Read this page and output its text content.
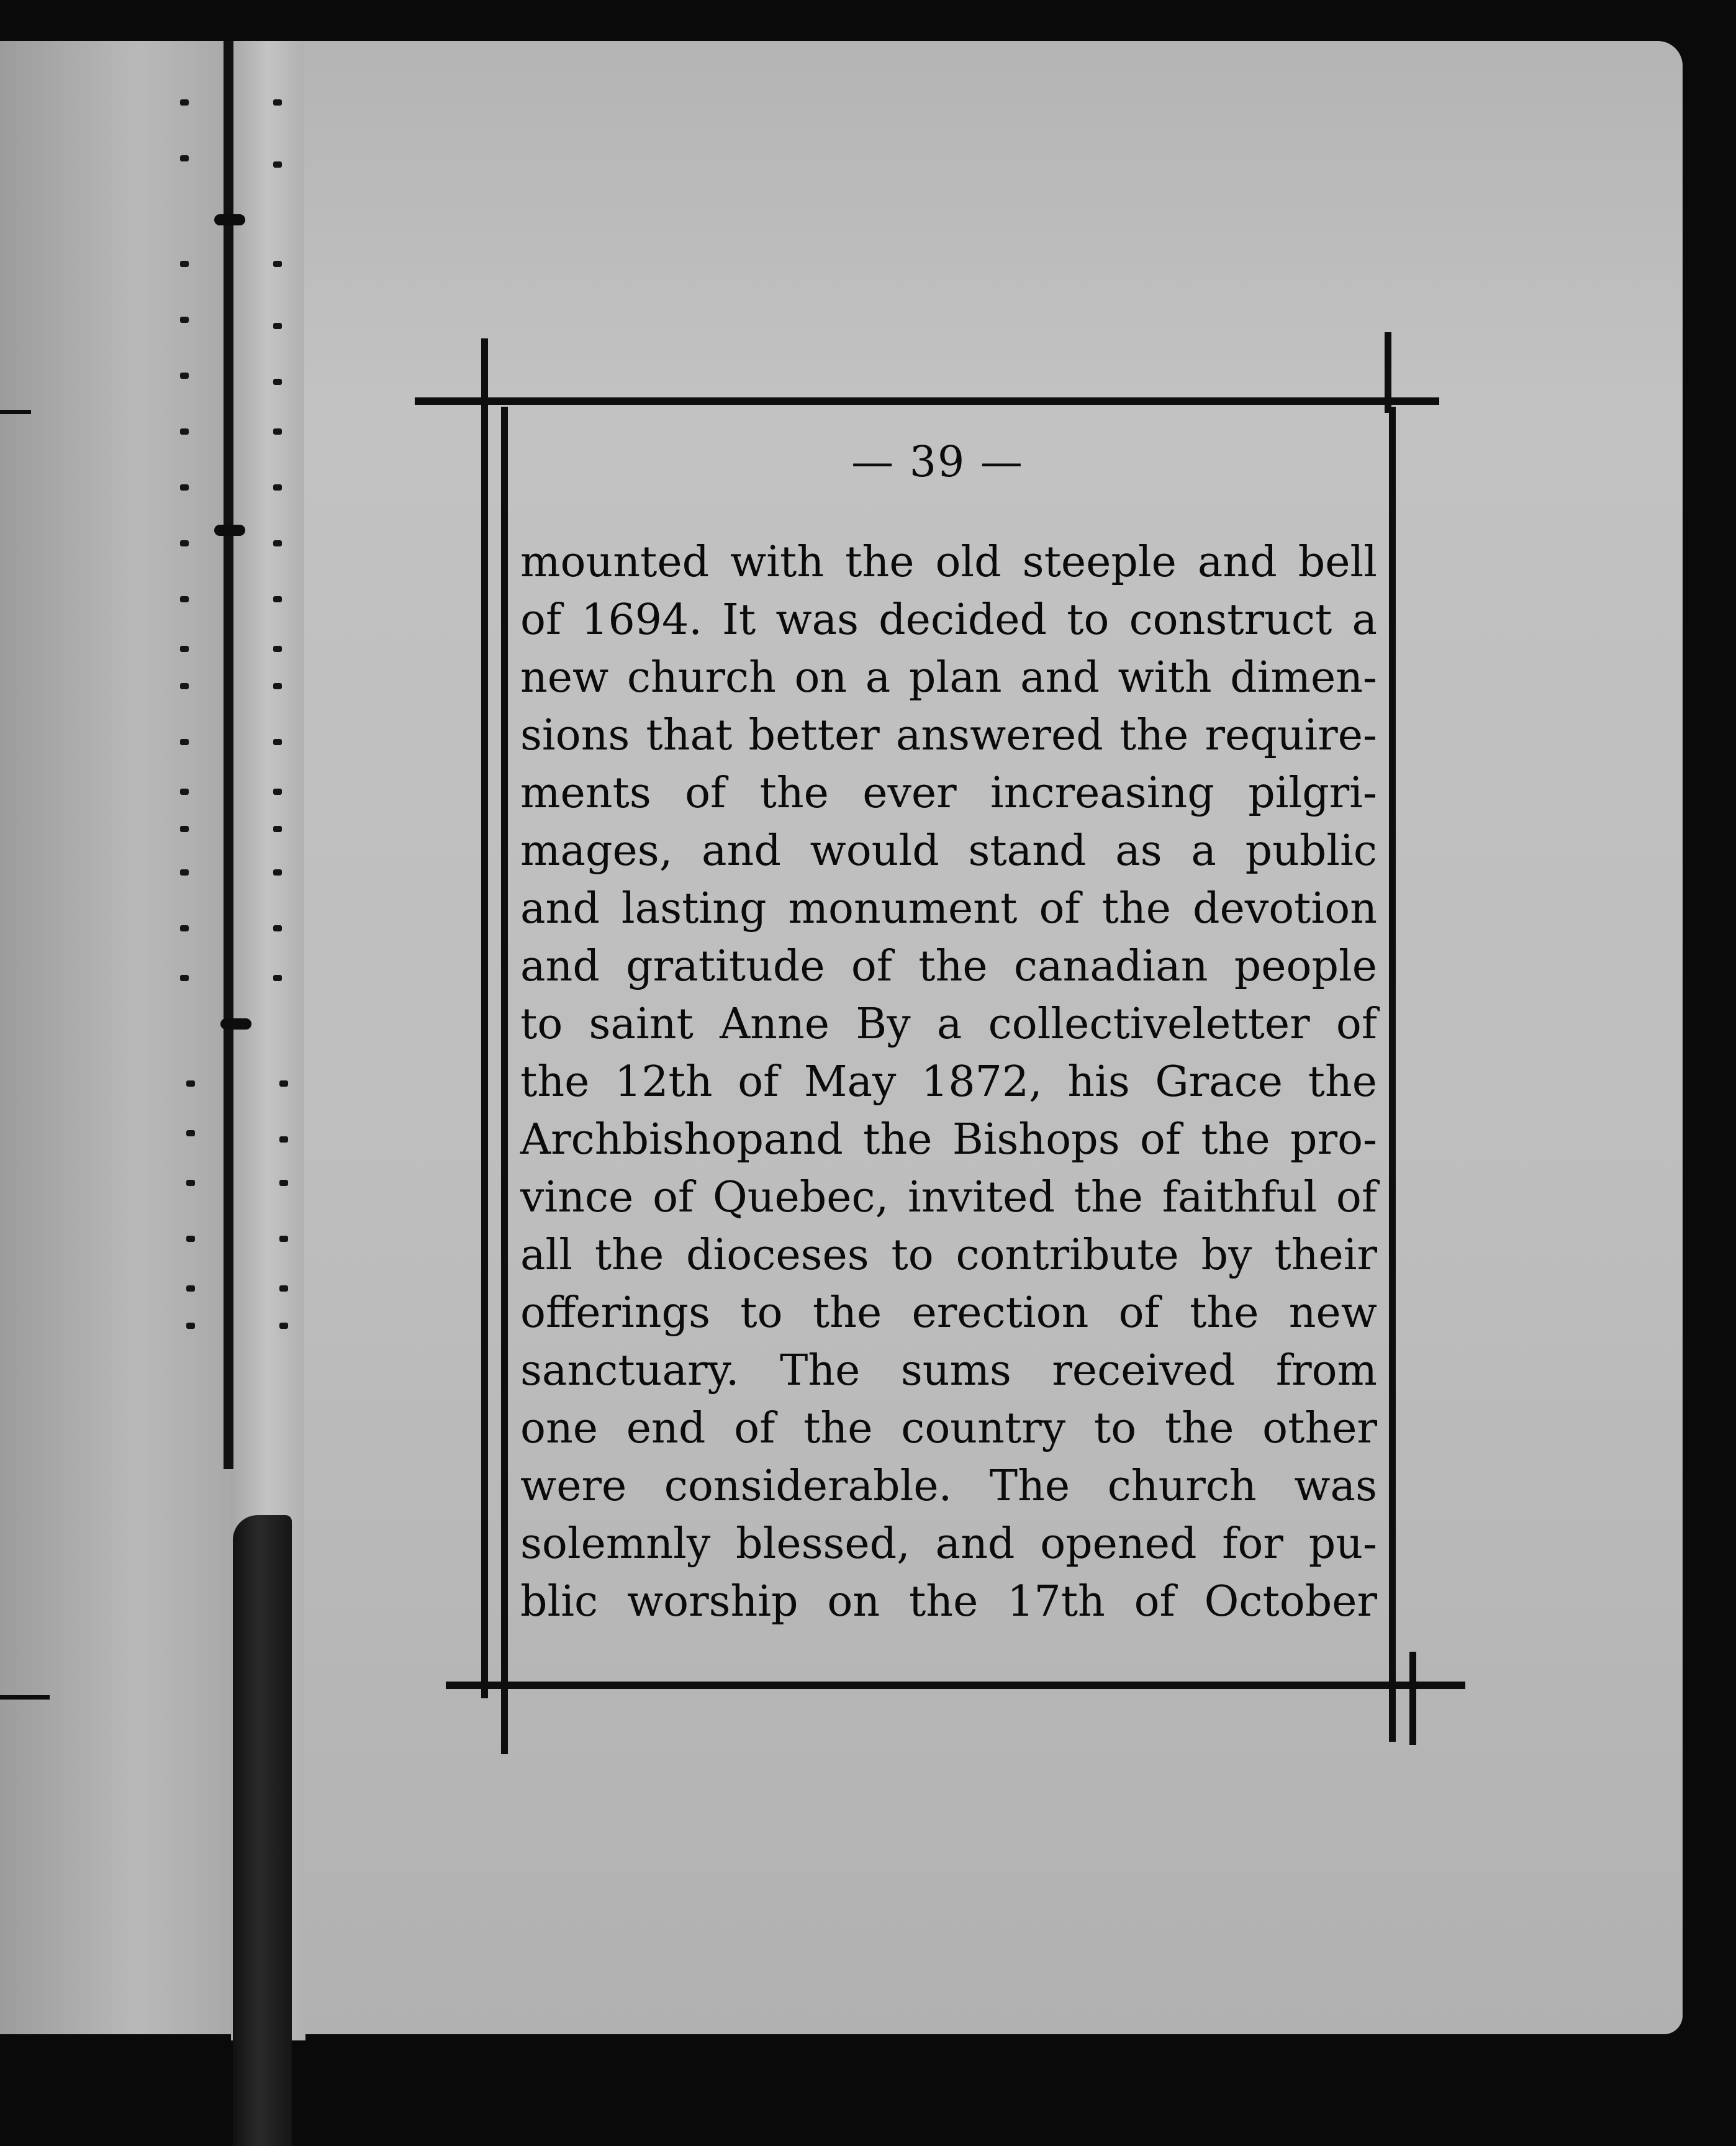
— 39 —
mounted with the old steeple and bell
of 1694. It was decided to construct a
new church on a plan and with dimen-
sions that better answered the require-
ments of the ever increasing pilgri-
mages, and would stand as a public
and lasting monument of the devotion
and gratitude of the canadian people
to saint Anne By a collectiveletter of
the 12th of May 1872, his Grace the
Archbishopand the Bishops of the pro-
vince of Quebec, invited the faithful of
all the dioceses to contribute by their
offerings to the erection of the new
sanctuary. The sums received from
one end of the country to the other
were considerable. The church was
solemnly blessed, and opened for pu-
blic worship on the 17th of October
